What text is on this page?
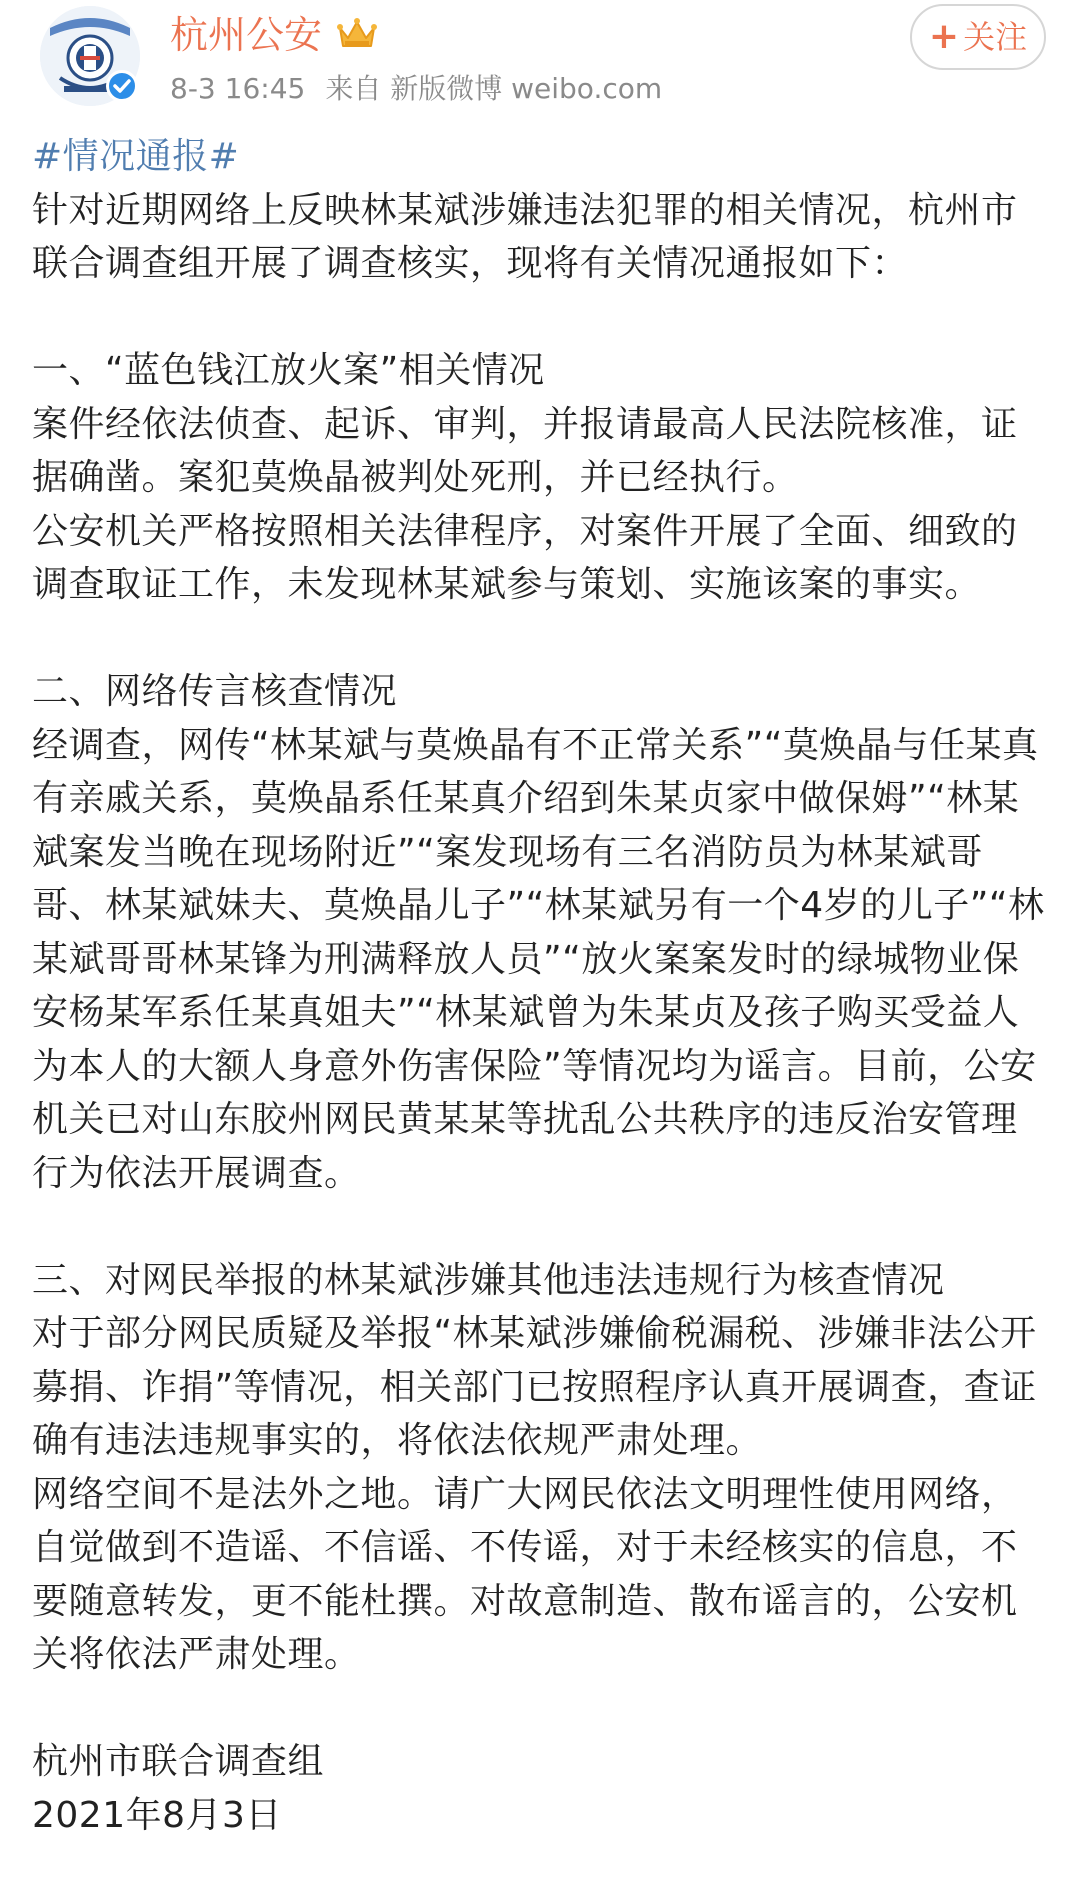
杭州公安
8-3 16:45 来自 新版微博 weibo.com
+ 关注

#情况通报#

针对近期网络上反映林某斌涉嫌违法犯罪的相关情况，杭州市联合调查组开展了调查核实，现将有关情况通报如下：

一、“蓝色钱江放火案”相关情况

案件经依法侦查、起诉、审判，并报请最高人民法院核准，证据确凿。案犯莫焕晶被判处死刑，并已经执行。

公安机关严格按照相关法律程序，对案件开展了全面、细致的调查取证工作，未发现林某斌参与策划、实施该案的事实。

二、网络传言核查情况

经调查，网传“林某斌与莫焕晶有不正常关系”“莫焕晶与任某真有亲戚关系，莫焕晶系任某真介绍到朱某贞家中做保姆”“林某斌案发当晚在现场附近”“案发现场有三名消防员为林某斌哥哥、林某斌妹夫、莫焕晶儿子”“林某斌另有一个4岁的儿子”“林某斌哥哥林某锋为刑满释放人员”“放火案案发时的绿城物业保安杨某军系任某真姐夫”“林某斌曾为朱某贞及孩子购买受益人为本人的大额人身意外伤害保险”等情况均为谣言。目前，公安机关已对山东胶州网民黄某某等扰乱公共秩序的违反治安管理行为依法开展调查。

三、对网民举报的林某斌涉嫌其他违法违规行为核查情况

对于部分网民质疑及举报“林某斌涉嫌偷税漏税、涉嫌非法公开募捐、诈捐”等情况，相关部门已按照程序认真开展调查，查证确有违法违规事实的，将依法依规严肃处理。

网络空间不是法外之地。请广大网民依法文明理性使用网络，自觉做到不造谣、不信谣、不传谣，对于未经核实的信息，不要随意转发，更不能杜撰。对故意制造、散布谣言的，公安机关将依法严肃处理。

杭州市联合调查组

2021年8月3日
